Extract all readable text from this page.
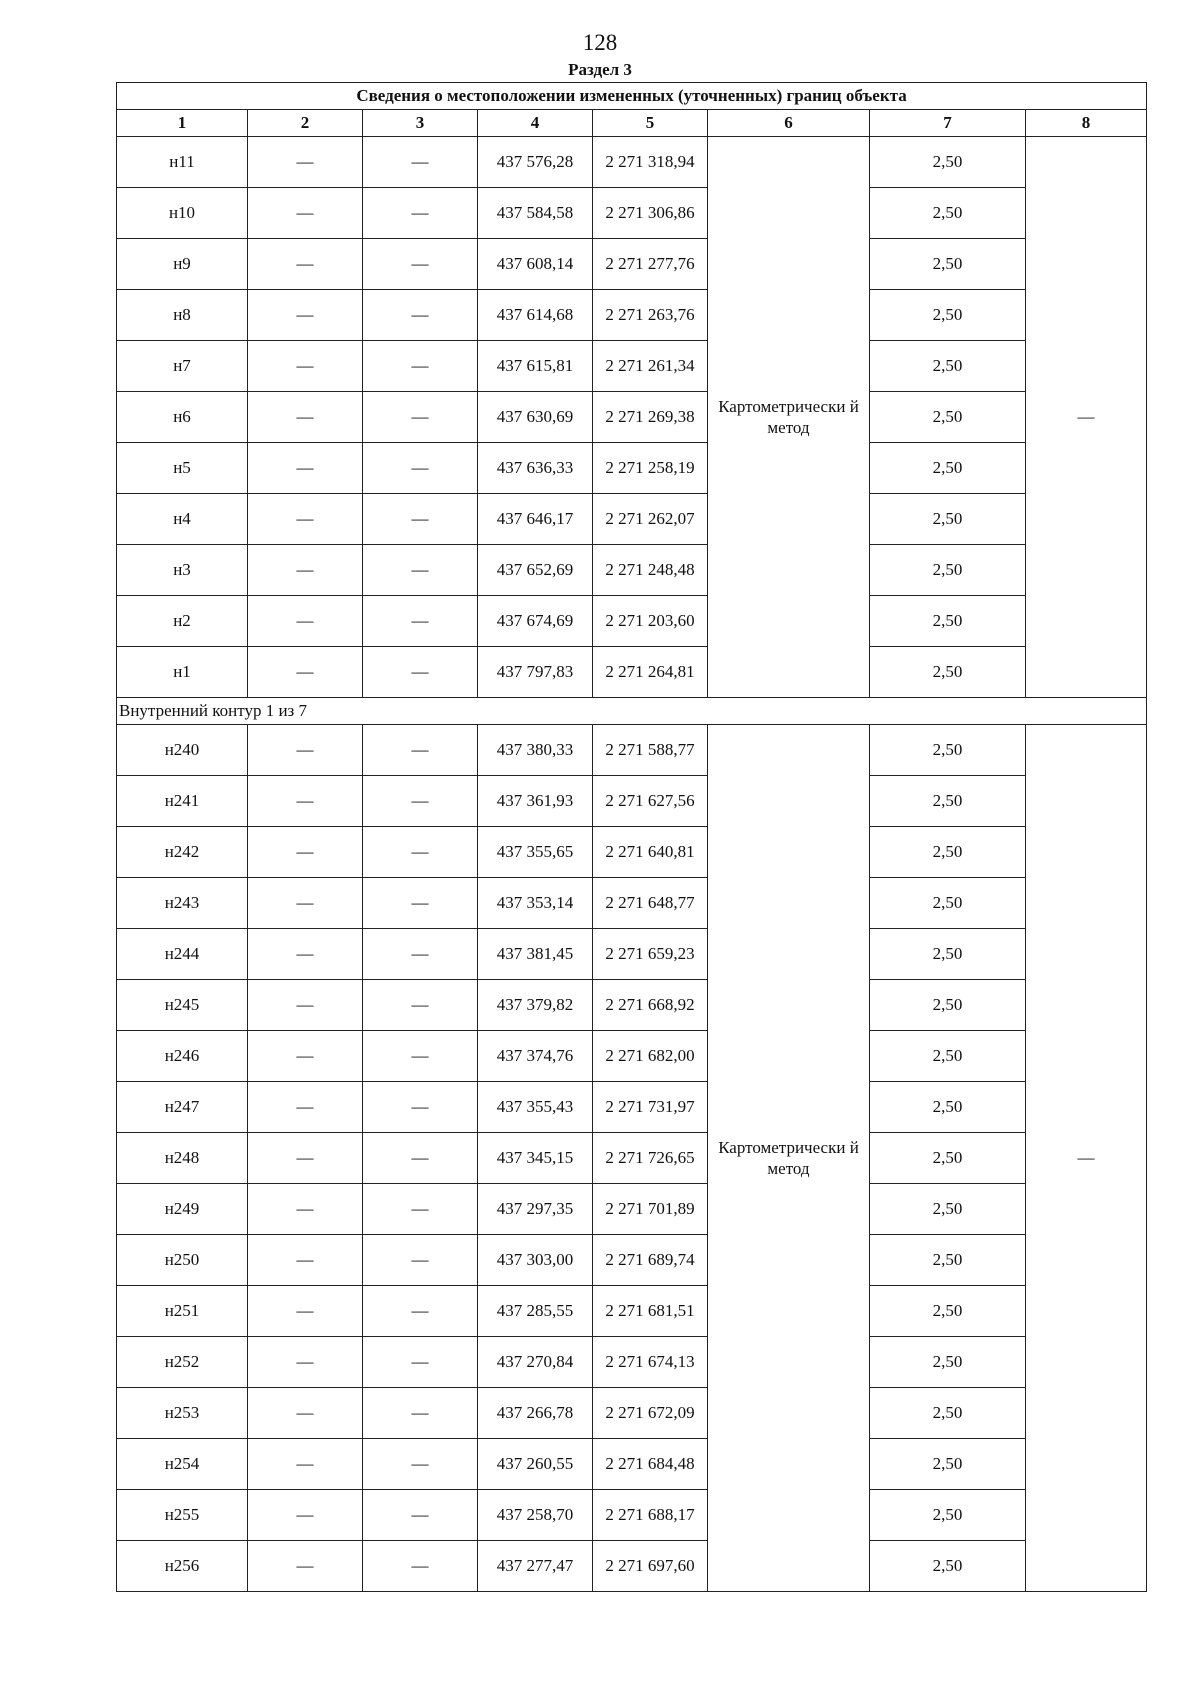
128
Раздел 3
Сведения о местоположении измененных (уточненных) границ объекта							
1	2	3	4	5	6	7	8
н11	—	—	437 576,28	2 271 318,94	Картометрически й метод	2,50	—
н10	—	—	437 584,58	2 271 306,86		2,50	
н9	—	—	437 608,14	2 271 277,76		2,50	
н8	—	—	437 614,68	2 271 263,76		2,50	
н7	—	—	437 615,81	2 271 261,34		2,50	
н6	—	—	437 630,69	2 271 269,38		2,50	
н5	—	—	437 636,33	2 271 258,19		2,50	
н4	—	—	437 646,17	2 271 262,07		2,50	
н3	—	—	437 652,69	2 271 248,48		2,50	
н2	—	—	437 674,69	2 271 203,60		2,50	
н1	—	—	437 797,83	2 271 264,81		2,50	
Внутренний контур 1 из 7							
н240	—	—	437 380,33	2 271 588,77	Картометрически й метод	2,50	—
н241	—	—	437 361,93	2 271 627,56		2,50	
н242	—	—	437 355,65	2 271 640,81		2,50	
н243	—	—	437 353,14	2 271 648,77		2,50	
н244	—	—	437 381,45	2 271 659,23		2,50	
н245	—	—	437 379,82	2 271 668,92		2,50	
н246	—	—	437 374,76	2 271 682,00		2,50	
н247	—	—	437 355,43	2 271 731,97		2,50	
н248	—	—	437 345,15	2 271 726,65		2,50	
н249	—	—	437 297,35	2 271 701,89		2,50	
н250	—	—	437 303,00	2 271 689,74		2,50	
н251	—	—	437 285,55	2 271 681,51		2,50	
н252	—	—	437 270,84	2 271 674,13		2,50	
н253	—	—	437 266,78	2 271 672,09		2,50	
н254	—	—	437 260,55	2 271 684,48		2,50	
н255	—	—	437 258,70	2 271 688,17		2,50	
н256	—	—	437 277,47	2 271 697,60		2,50	
